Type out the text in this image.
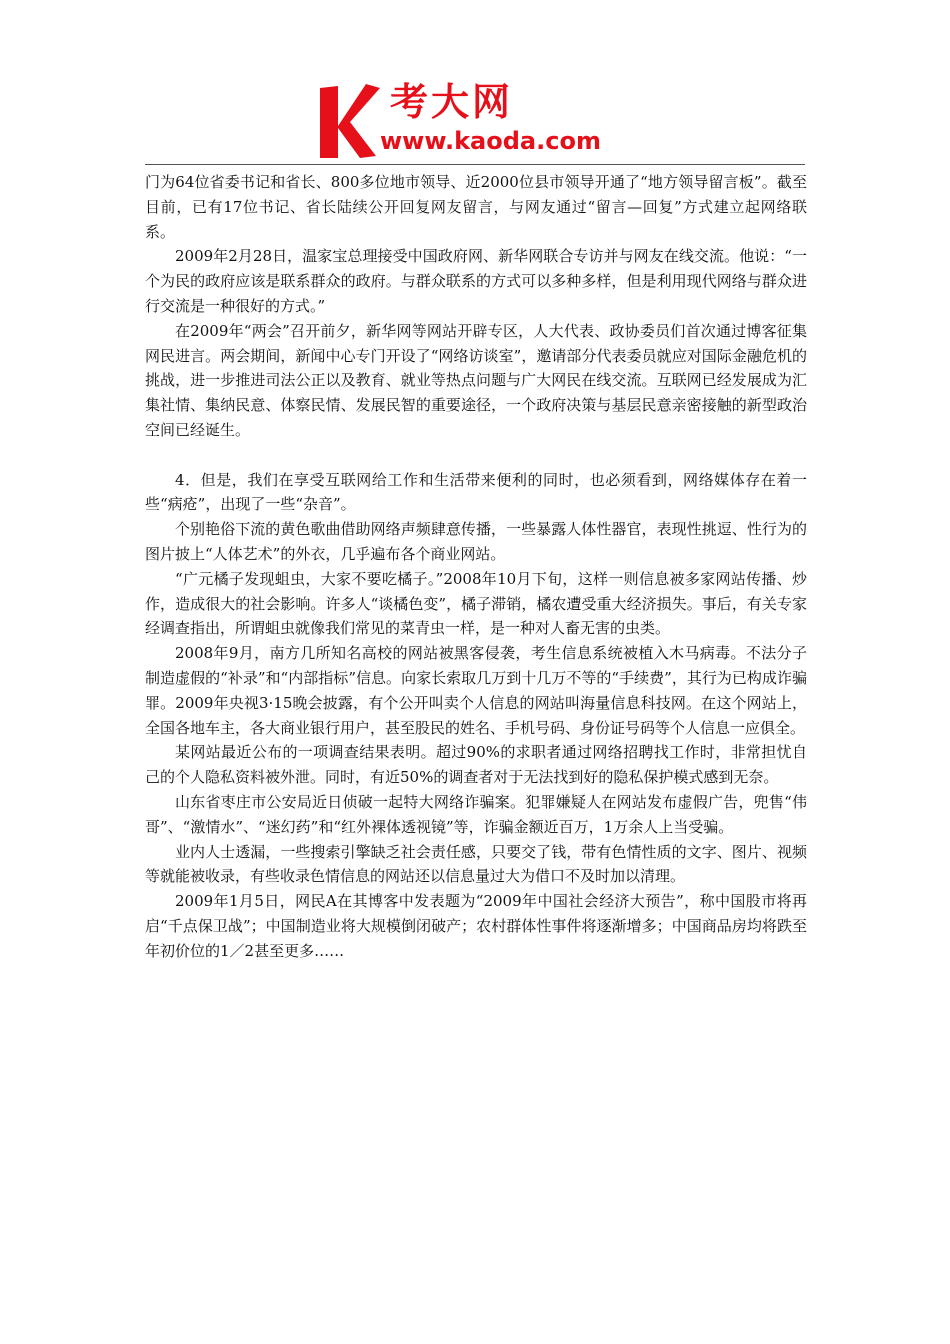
考大网
www.kaoda.com

门为64位省委书记和省长、800多位地市领导、近2000位县市领导开通了“地方领导留言板”。截至目前，已有17位书记、省长陆续公开回复网友留言，与网友通过“留言—回复”方式建立起网络联系。

2009年2月28日，温家宝总理接受中国政府网、新华网联合专访并与网友在线交流。他说：“一个为民的政府应该是联系群众的政府。与群众联系的方式可以多种多样，但是利用现代网络与群众进行交流是一种很好的方式。”

在2009年“两会”召开前夕，新华网等网站开辟专区，人大代表、政协委员们首次通过博客征集网民进言。两会期间，新闻中心专门开设了“网络访谈室”，邀请部分代表委员就应对国际金融危机的挑战，进一步推进司法公正以及教育、就业等热点问题与广大网民在线交流。互联网已经发展成为汇集社情、集纳民意、体察民情、发展民智的重要途径，一个政府决策与基层民意亲密接触的新型政治空间已经诞生。

4．但是，我们在享受互联网给工作和生活带来便利的同时，也必须看到，网络媒体存在着一些“病疮”，出现了一些“杂音”。

个别艳俗下流的黄色歌曲借助网络声频肆意传播，一些暴露人体性器官，表现性挑逗、性行为的图片披上“人体艺术”的外衣，几乎遍布各个商业网站。

“广元橘子发现蛆虫，大家不要吃橘子。”2008年10月下旬，这样一则信息被多家网站传播、炒作，造成很大的社会影响。许多人“谈橘色变”，橘子滞销，橘农遭受重大经济损失。事后，有关专家经调查指出，所谓蛆虫就像我们常见的菜青虫一样，是一种对人畜无害的虫类。

2008年9月，南方几所知名高校的网站被黑客侵袭，考生信息系统被植入木马病毒。不法分子制造虚假的“补录”和“内部指标”信息。向家长索取几万到十几万不等的“手续费”，其行为已构成诈骗罪。2009年央视3·15晚会披露，有个公开叫卖个人信息的网站叫海量信息科技网。在这个网站上，全国各地车主，各大商业银行用户，甚至股民的姓名、手机号码、身份证号码等个人信息一应俱全。

某网站最近公布的一项调查结果表明。超过90%的求职者通过网络招聘找工作时，非常担忧自己的个人隐私资料被外泄。同时，有近50%的调查者对于无法找到好的隐私保护模式感到无奈。

山东省枣庄市公安局近日侦破一起特大网络诈骗案。犯罪嫌疑人在网站发布虚假广告，兜售“伟哥”、“激情水”、“迷幻药”和“红外裸体透视镜”等，诈骗金额近百万，1万余人上当受骗。

业内人士透漏，一些搜索引擎缺乏社会责任感，只要交了钱，带有色情性质的文字、图片、视频等就能被收录，有些收录色情信息的网站还以信息量过大为借口不及时加以清理。

2009年1月5日，网民A在其博客中发表题为“2009年中国社会经济大预告”，称中国股市将再启“千点保卫战”；中国制造业将大规模倒闭破产；农村群体性事件将逐渐增多；中国商品房均将跌至年初价位的1／2甚至更多……
